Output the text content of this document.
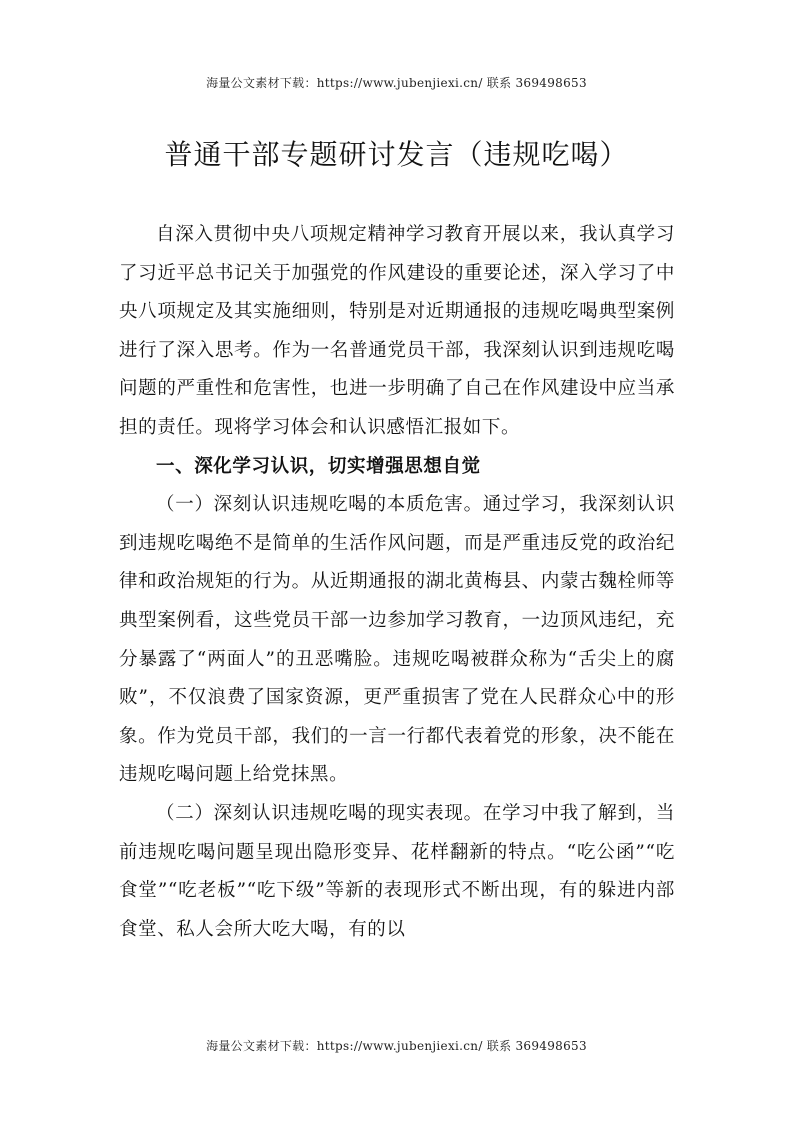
海量公文素材下载：https://www.jubenjiexi.cn/ 联系 369498653
普通干部专题研讨发言（违规吃喝）

自深入贯彻中央八项规定精神学习教育开展以来，我认真学习了习近平总书记关于加强党的作风建设的重要论述，深入学习了中央八项规定及其实施细则，特别是对近期通报的违规吃喝典型案例进行了深入思考。作为一名普通党员干部，我深刻认识到违规吃喝问题的严重性和危害性，也进一步明确了自己在作风建设中应当承担的责任。现将学习体会和认识感悟汇报如下。

一、深化学习认识，切实增强思想自觉

（一）深刻认识违规吃喝的本质危害。通过学习，我深刻认识到违规吃喝绝不是简单的生活作风问题，而是严重违反党的政治纪律和政治规矩的行为。从近期通报的湖北黄梅县、内蒙古魏栓师等典型案例看，这些党员干部一边参加学习教育，一边顶风违纪，充分暴露了“两面人”的丑恶嘴脸。违规吃喝被群众称为“舌尖上的腐败”，不仅浪费了国家资源，更严重损害了党在人民群众心中的形象。作为党员干部，我们的一言一行都代表着党的形象，决不能在违规吃喝问题上给党抹黑。

（二）深刻认识违规吃喝的现实表现。在学习中我了解到，当前违规吃喝问题呈现出隐形变异、花样翻新的特点。“吃公函”“吃食堂”“吃老板”“吃下级”等新的表现形式不断出现，有的躲进内部食堂、私人会所大吃大喝，有的以

海量公文素材下载：https://www.jubenjiexi.cn/ 联系 369498653
